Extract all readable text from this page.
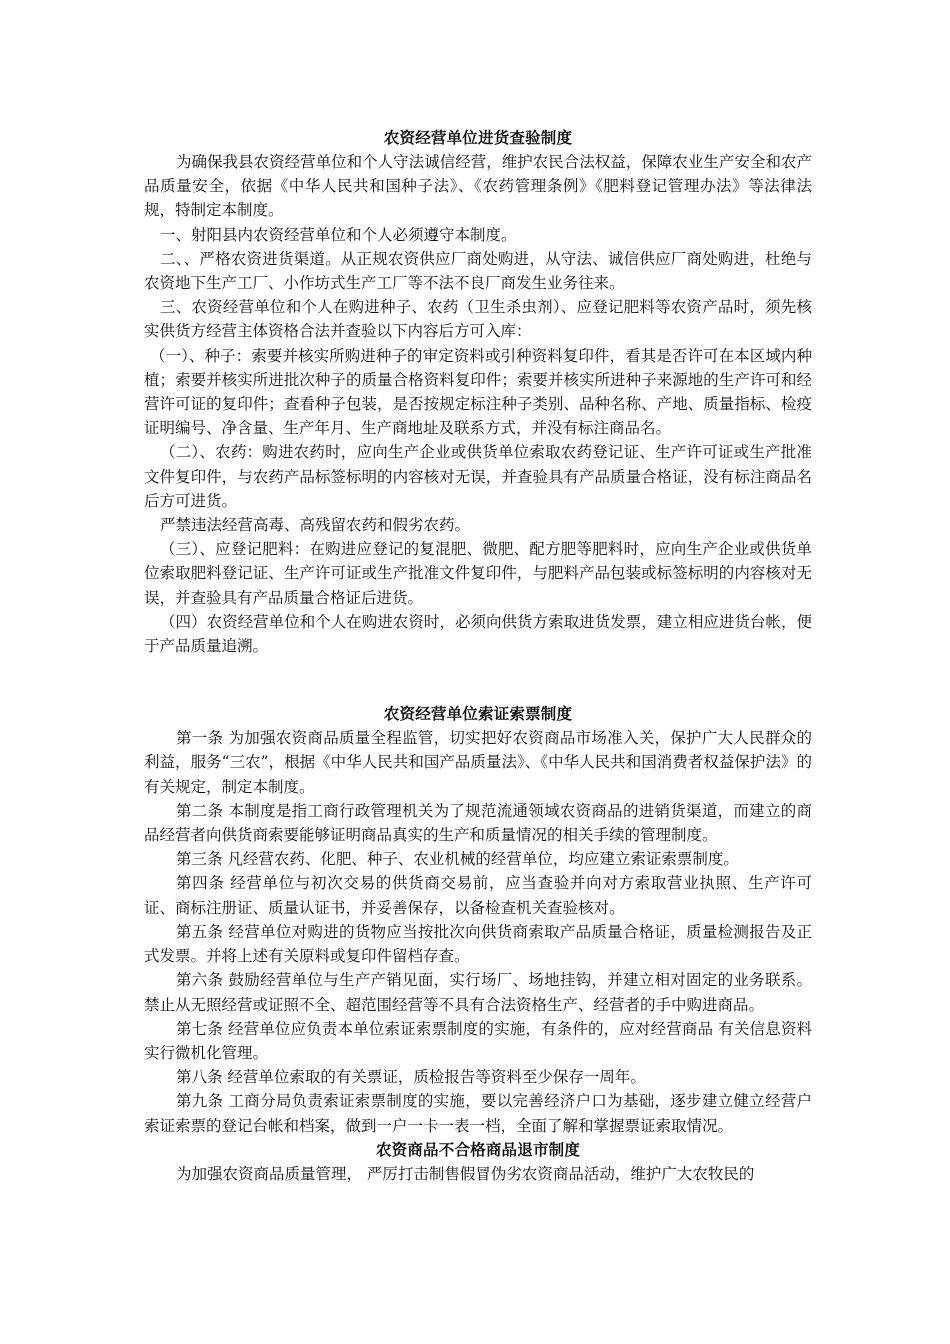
农资经营单位进货查验制度

为确保我县农资经营单位和个人守法诚信经营，维护农民合法权益，保障农业生产安全和农产品质量安全，依据《中华人民共和国种子法》、《农药管理条例》《肥料登记管理办法》等法律法规，特制定本制度。

一、射阳县内农资经营单位和个人必须遵守本制度。

二、、严格农资进货渠道。从正规农资供应厂商处购进，从守法、诚信供应厂商处购进，杜绝与农资地下生产工厂、小作坊式生产工厂等不法不良厂商发生业务往来。

三、农资经营单位和个人在购进种子、农药（卫生杀虫剂）、应登记肥料等农资产品时，须先核实供货方经营主体资格合法并查验以下内容后方可入库：

（一）、种子：索要并核实所购进种子的审定资料或引种资料复印件，看其是否许可在本区域内种植；索要并核实所进批次种子的质量合格资料复印件；索要并核实所进种子来源地的生产许可和经营许可证的复印件；查看种子包装，是否按规定标注种子类别、品种名称、产地、质量指标、检疫证明编号、净含量、生产年月、生产商地址及联系方式，并没有标注商品名。

（二）、农药：购进农药时，应向生产企业或供货单位索取农药登记证、生产许可证或生产批准文件复印件，与农药产品标签标明的内容核对无误，并查验具有产品质量合格证，没有标注商品名后方可进货。

严禁违法经营高毒、高残留农药和假劣农药。

（三）、应登记肥料：在购进应登记的复混肥、微肥、配方肥等肥料时，应向生产企业或供货单位索取肥料登记证、生产许可证或生产批准文件复印件，与肥料产品包装或标签标明的内容核对无误，并查验具有产品质量合格证后进货。

（四）农资经营单位和个人在购进农资时，必须向供货方索取进货发票，建立相应进货台帐，便于产品质量追溯。

农资经营单位索证索票制度

第一条 为加强农资商品质量全程监管，切实把好农资商品市场准入关，保护广大人民群众的利益，服务“三农”，根据《中华人民共和国产品质量法》、《中华人民共和国消费者权益保护法》的有关规定，制定本制度。

第二条 本制度是指工商行政管理机关为了规范流通领域农资商品的进销货渠道，而建立的商品经营者向供货商索要能够证明商品真实的生产和质量情况的相关手续的管理制度。

第三条 凡经营农药、化肥、种子、农业机械的经营单位，均应建立索证索票制度。

第四条 经营单位与初次交易的供货商交易前，应当查验并向对方索取营业执照、生产许可证、商标注册证、质量认证书，并妥善保存，以备检查机关查验核对。

第五条 经营单位对购进的货物应当按批次向供货商索取产品质量合格证，质量检测报告及正式发票。并将上述有关原料或复印件留档存查。

第六条 鼓励经营单位与生产产销见面，实行场厂、场地挂钩，并建立相对固定的业务联系。禁止从无照经营或证照不全、超范围经营等不具有合法资格生产、经营者的手中购进商品。

第七条 经营单位应负责本单位索证索票制度的实施，有条件的，应对经营商品 有关信息资料实行微机化管理。

第八条 经营单位索取的有关票证，质检报告等资料至少保存一周年。

第九条 工商分局负责索证索票制度的实施，要以完善经济户口为基础，逐步建立健立经营户索证索票的登记台帐和档案，做到一户一卡一表一档，全面了解和掌握票证索取情况。

农资商品不合格商品退市制度

为加强农资商品质量管理， 严厉打击制售假冒伪劣农资商品活动，维护广大农牧民的
